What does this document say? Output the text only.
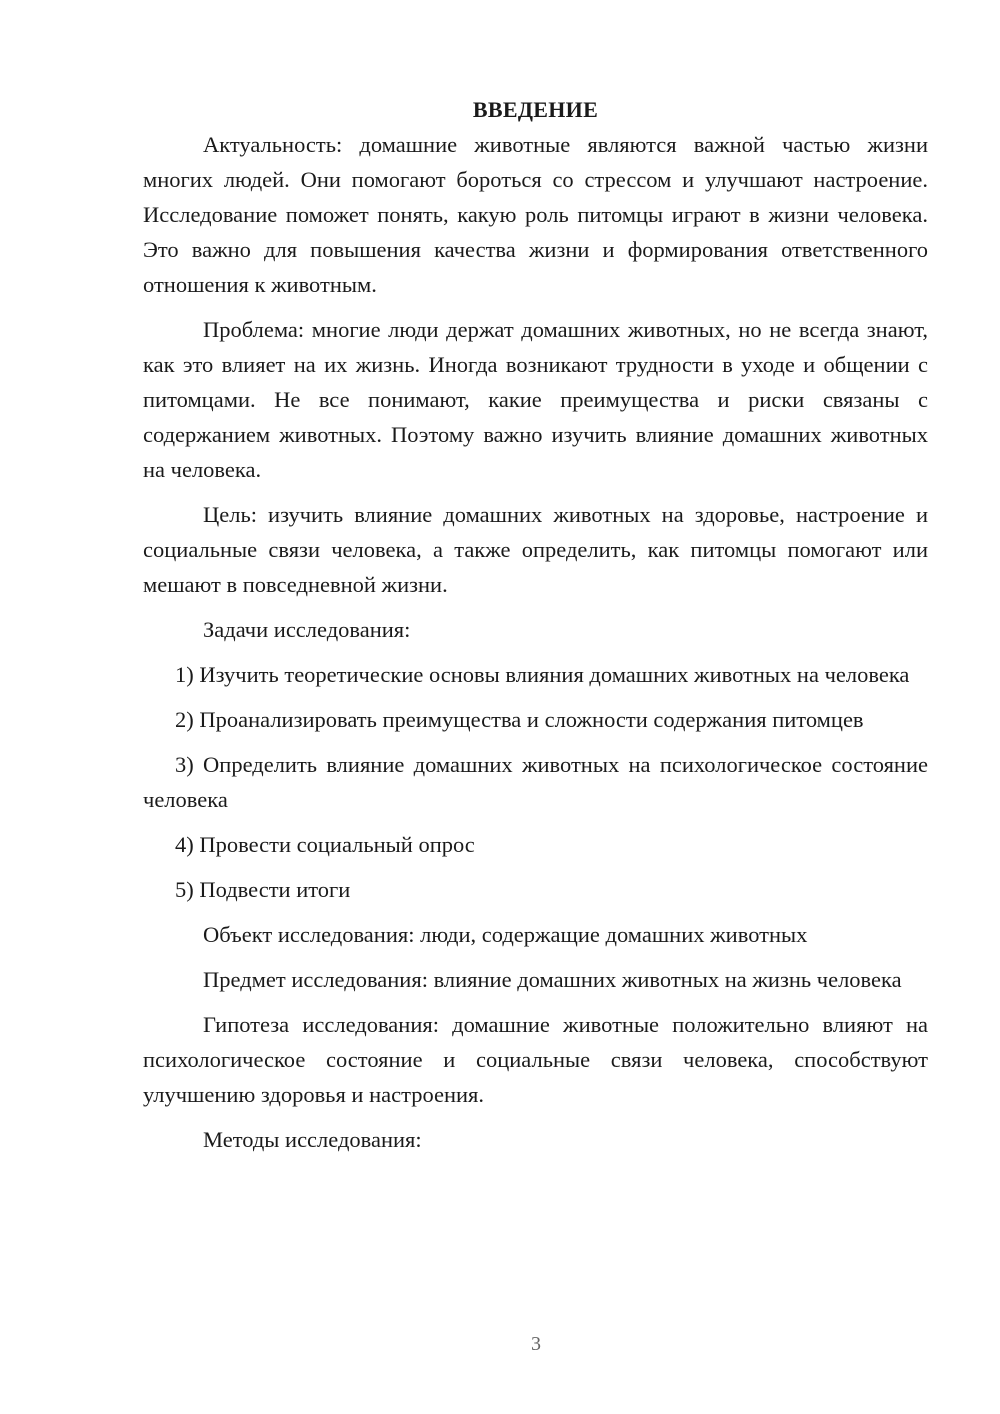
ВВЕДЕНИЕ

Актуальность: домашние животные являются важной частью жизни многих людей. Они помогают бороться со стрессом и улучшают настроение. Исследование поможет понять, какую роль питомцы играют в жизни человека. Это важно для повышения качества жизни и формирования ответственного отношения к животным.

Проблема: многие люди держат домашних животных, но не всегда знают, как это влияет на их жизнь. Иногда возникают трудности в уходе и общении с питомцами. Не все понимают, какие преимущества и риски связаны с содержанием животных. Поэтому важно изучить влияние домашних животных на человека.

Цель: изучить влияние домашних животных на здоровье, настроение и социальные связи человека, а также определить, как питомцы помогают или мешают в повседневной жизни.

Задачи исследования:

1) Изучить теоретические основы влияния домашних животных на человека

2) Проанализировать преимущества и сложности содержания питомцев

3) Определить влияние домашних животных на психологическое состояние человека

4) Провести социальный опрос

5) Подвести итоги

Объект исследования: люди, содержащие домашних животных

Предмет исследования: влияние домашних животных на жизнь человека

Гипотеза исследования: домашние животные положительно влияют на психологическое состояние и социальные связи человека, способствуют улучшению здоровья и настроения.

Методы исследования:

3
